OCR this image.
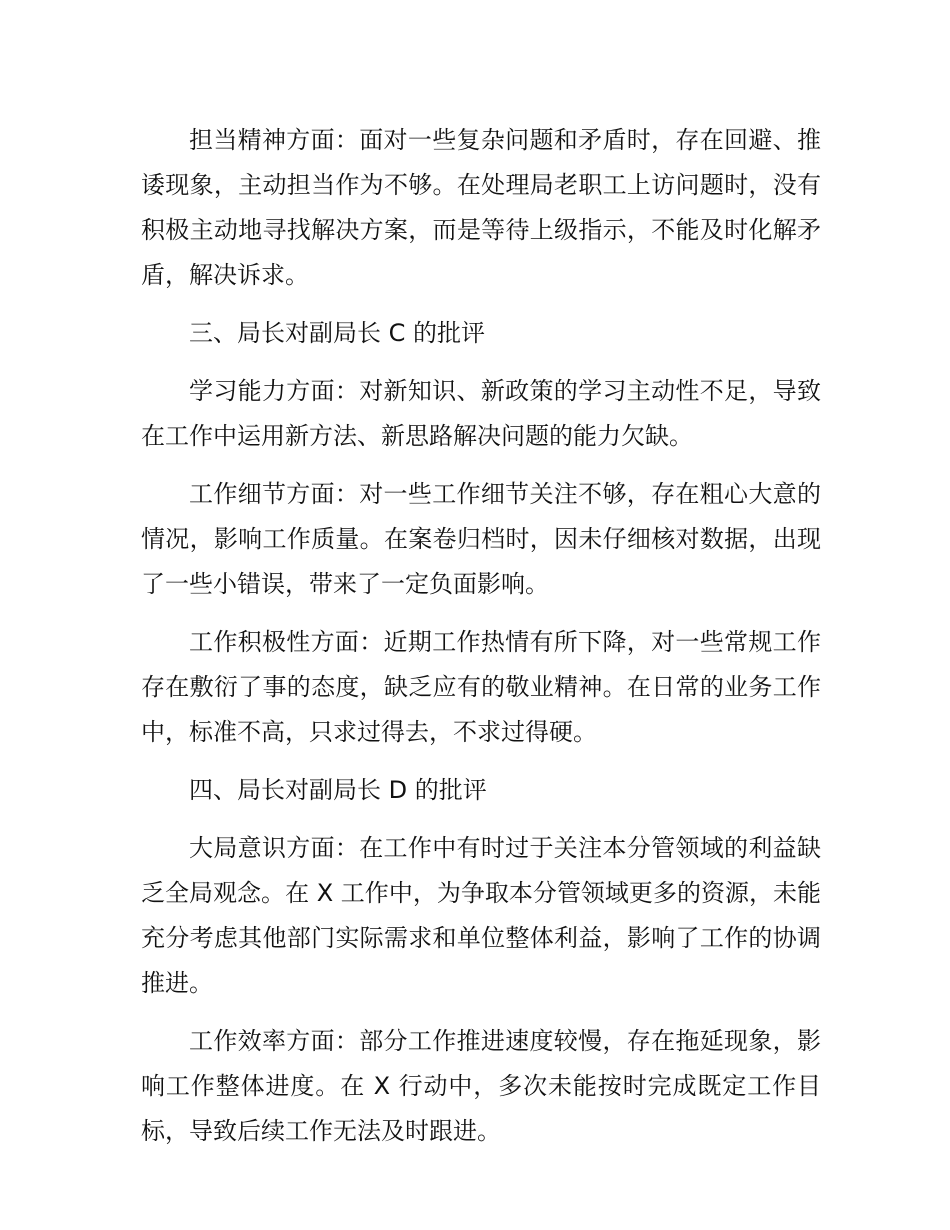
担当精神方面：面对一些复杂问题和矛盾时，存在回避、推诿现象，主动担当作为不够。在处理局老职工上访问题时，没有积极主动地寻找解决方案，而是等待上级指示，不能及时化解矛盾，解决诉求。

三、局长对副局长 C 的批评

学习能力方面：对新知识、新政策的学习主动性不足，导致在工作中运用新方法、新思路解决问题的能力欠缺。

工作细节方面：对一些工作细节关注不够，存在粗心大意的情况，影响工作质量。在案卷归档时，因未仔细核对数据，出现了一些小错误，带来了一定负面影响。

工作积极性方面：近期工作热情有所下降，对一些常规工作存在敷衍了事的态度，缺乏应有的敬业精神。在日常的业务工作中，标准不高，只求过得去，不求过得硬。

四、局长对副局长 D 的批评

大局意识方面：在工作中有时过于关注本分管领域的利益缺乏全局观念。在 X 工作中，为争取本分管领域更多的资源，未能充分考虑其他部门实际需求和单位整体利益，影响了工作的协调推进。

工作效率方面：部分工作推进速度较慢，存在拖延现象，影响工作整体进度。在 X 行动中，多次未能按时完成既定工作目标，导致后续工作无法及时跟进。
